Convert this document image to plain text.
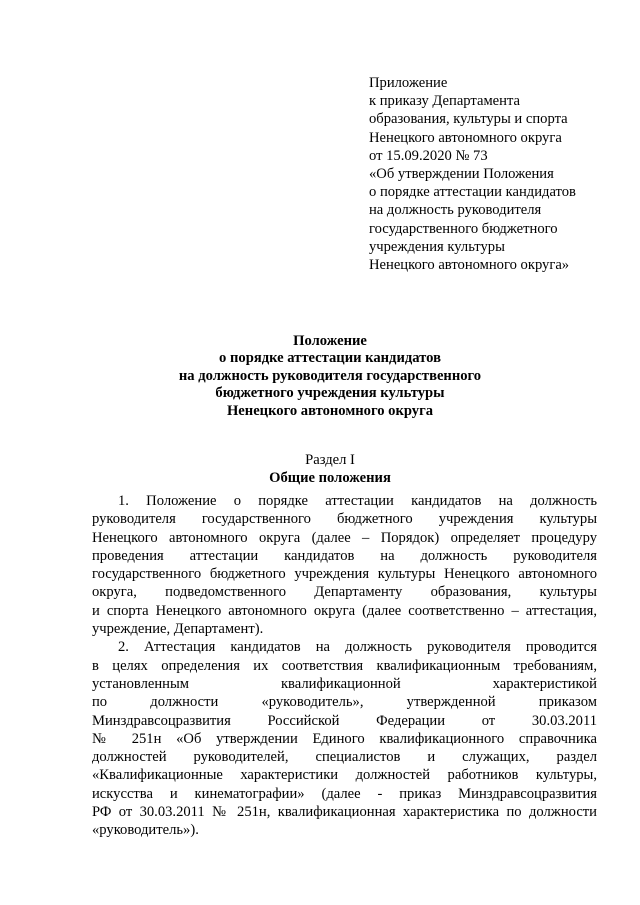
Приложение
к приказу Департамента
образования, культуры и спорта
Ненецкого автономного округа
от 15.09.2020 № 73
«Об утверждении Положения
о порядке аттестации кандидатов
на должность руководителя
государственного бюджетного
учреждения культуры
Ненецкого автономного округа»
Положение
о порядке аттестации кандидатов
на должность руководителя государственного
бюджетного учреждения культуры
Ненецкого автономного округа
Раздел I
Общие положения

1. Положение о порядке аттестации кандидатов на должность
руководителя государственного бюджетного учреждения культуры
Ненецкого автономного округа (далее – Порядок) определяет процедуру
проведения аттестации кандидатов на должность руководителя
государственного бюджетного учреждения культуры Ненецкого автономного
округа, подведомственного Департаменту образования, культуры
и спорта Ненецкого автономного округа (далее соответственно – аттестация,
учреждение, Департамент).

2. Аттестация кандидатов на должность руководителя проводится
в целях определения их соответствия квалификационным требованиям,
установленным квалификационной характеристикой
по должности «руководитель», утвержденной приказом
Минздравсоцразвития Российской Федерации от 30.03.2011
№ 251н «Об утверждении Единого квалификационного справочника
должностей руководителей, специалистов и служащих, раздел
«Квалификационные характеристики должностей работников культуры,
искусства и кинематографии» (далее - приказ Минздравсоцразвития
РФ от 30.03.2011 № 251н, квалификационная характеристика по должности
«руководитель»).
